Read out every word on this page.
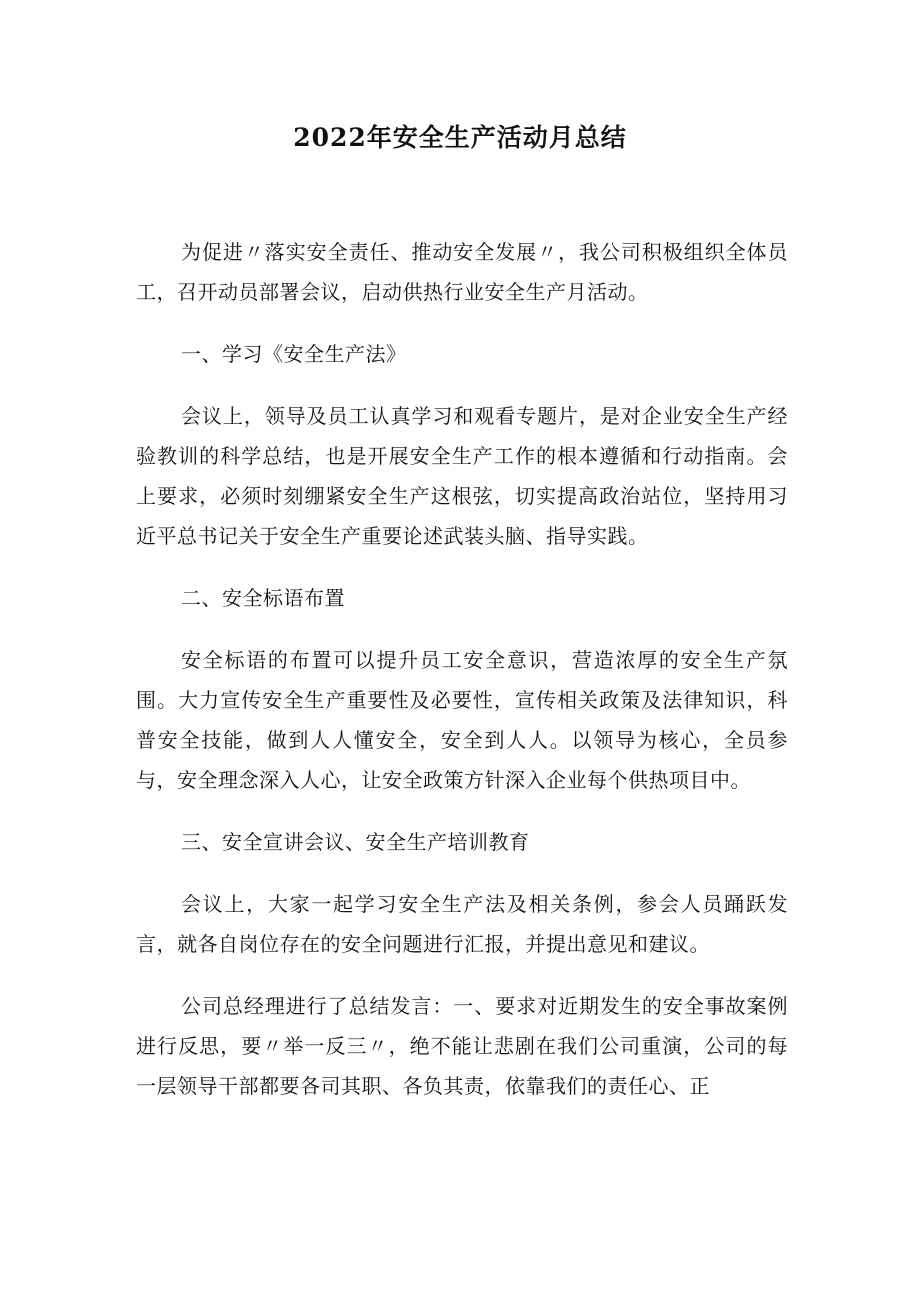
2022年安全生产活动月总结

为促进〃落实安全责任、推动安全发展〃，我公司积极组织全体员工，召开动员部署会议，启动供热行业安全生产月活动。

一、学习《安全生产法》

会议上，领导及员工认真学习和观看专题片，是对企业安全生产经验教训的科学总结，也是开展安全生产工作的根本遵循和行动指南。会上要求，必须时刻绷紧安全生产这根弦，切实提高政治站位，坚持用习近平总书记关于安全生产重要论述武装头脑、指导实践。

二、安全标语布置

安全标语的布置可以提升员工安全意识，营造浓厚的安全生产氛围。大力宣传安全生产重要性及必要性，宣传相关政策及法律知识，科普安全技能，做到人人懂安全，安全到人人。以领导为核心，全员参与，安全理念深入人心，让安全政策方针深入企业每个供热项目中。

三、安全宣讲会议、安全生产培训教育

会议上，大家一起学习安全生产法及相关条例，参会人员踊跃发言，就各自岗位存在的安全问题进行汇报，并提出意见和建议。

公司总经理进行了总结发言：一、要求对近期发生的安全事故案例进行反思，要〃举一反三〃，绝不能让悲剧在我们公司重演，公司的每一层领导干部都要各司其职、各负其责，依靠我们的责任心、正
